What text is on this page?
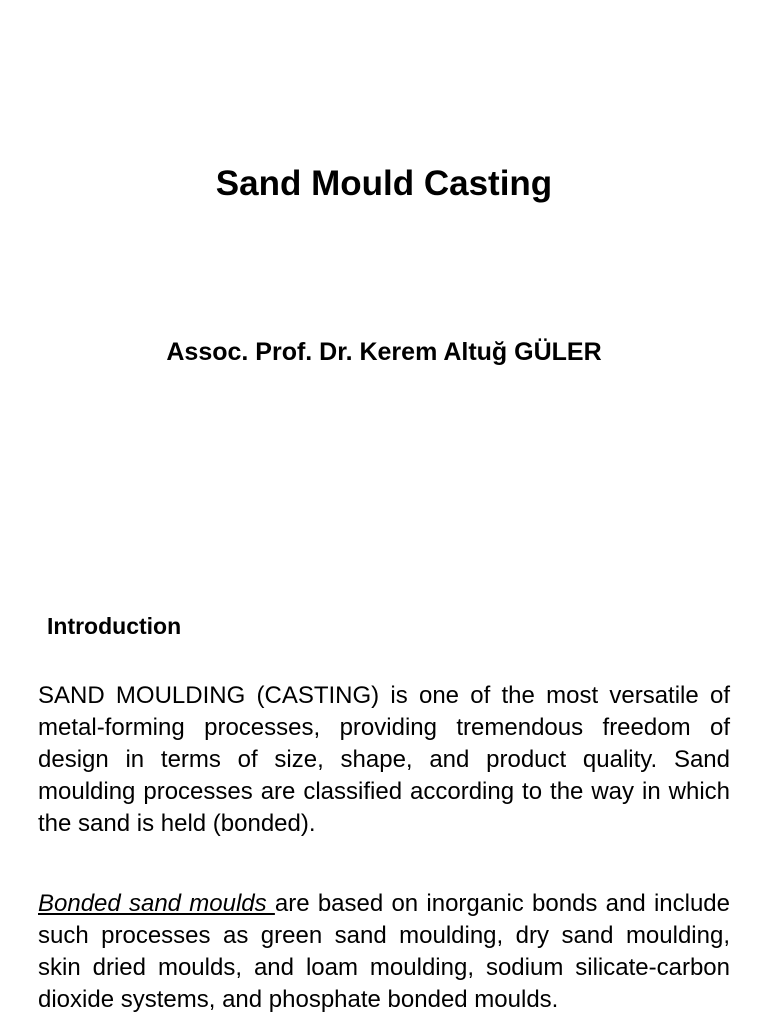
Sand Mould Casting
Assoc. Prof. Dr. Kerem Altuğ GÜLER
Introduction

SAND MOULDING (CASTING) is one of the most versatile of metal-forming processes, providing tremendous freedom of design in terms of size, shape, and product quality. Sand moulding processes are classified according to the way in which the sand is held (bonded).

Bonded sand moulds are based on inorganic bonds and include such processes as green sand moulding, dry sand moulding, skin dried moulds, and loam moulding, sodium silicate-carbon dioxide systems, and phosphate bonded moulds.
